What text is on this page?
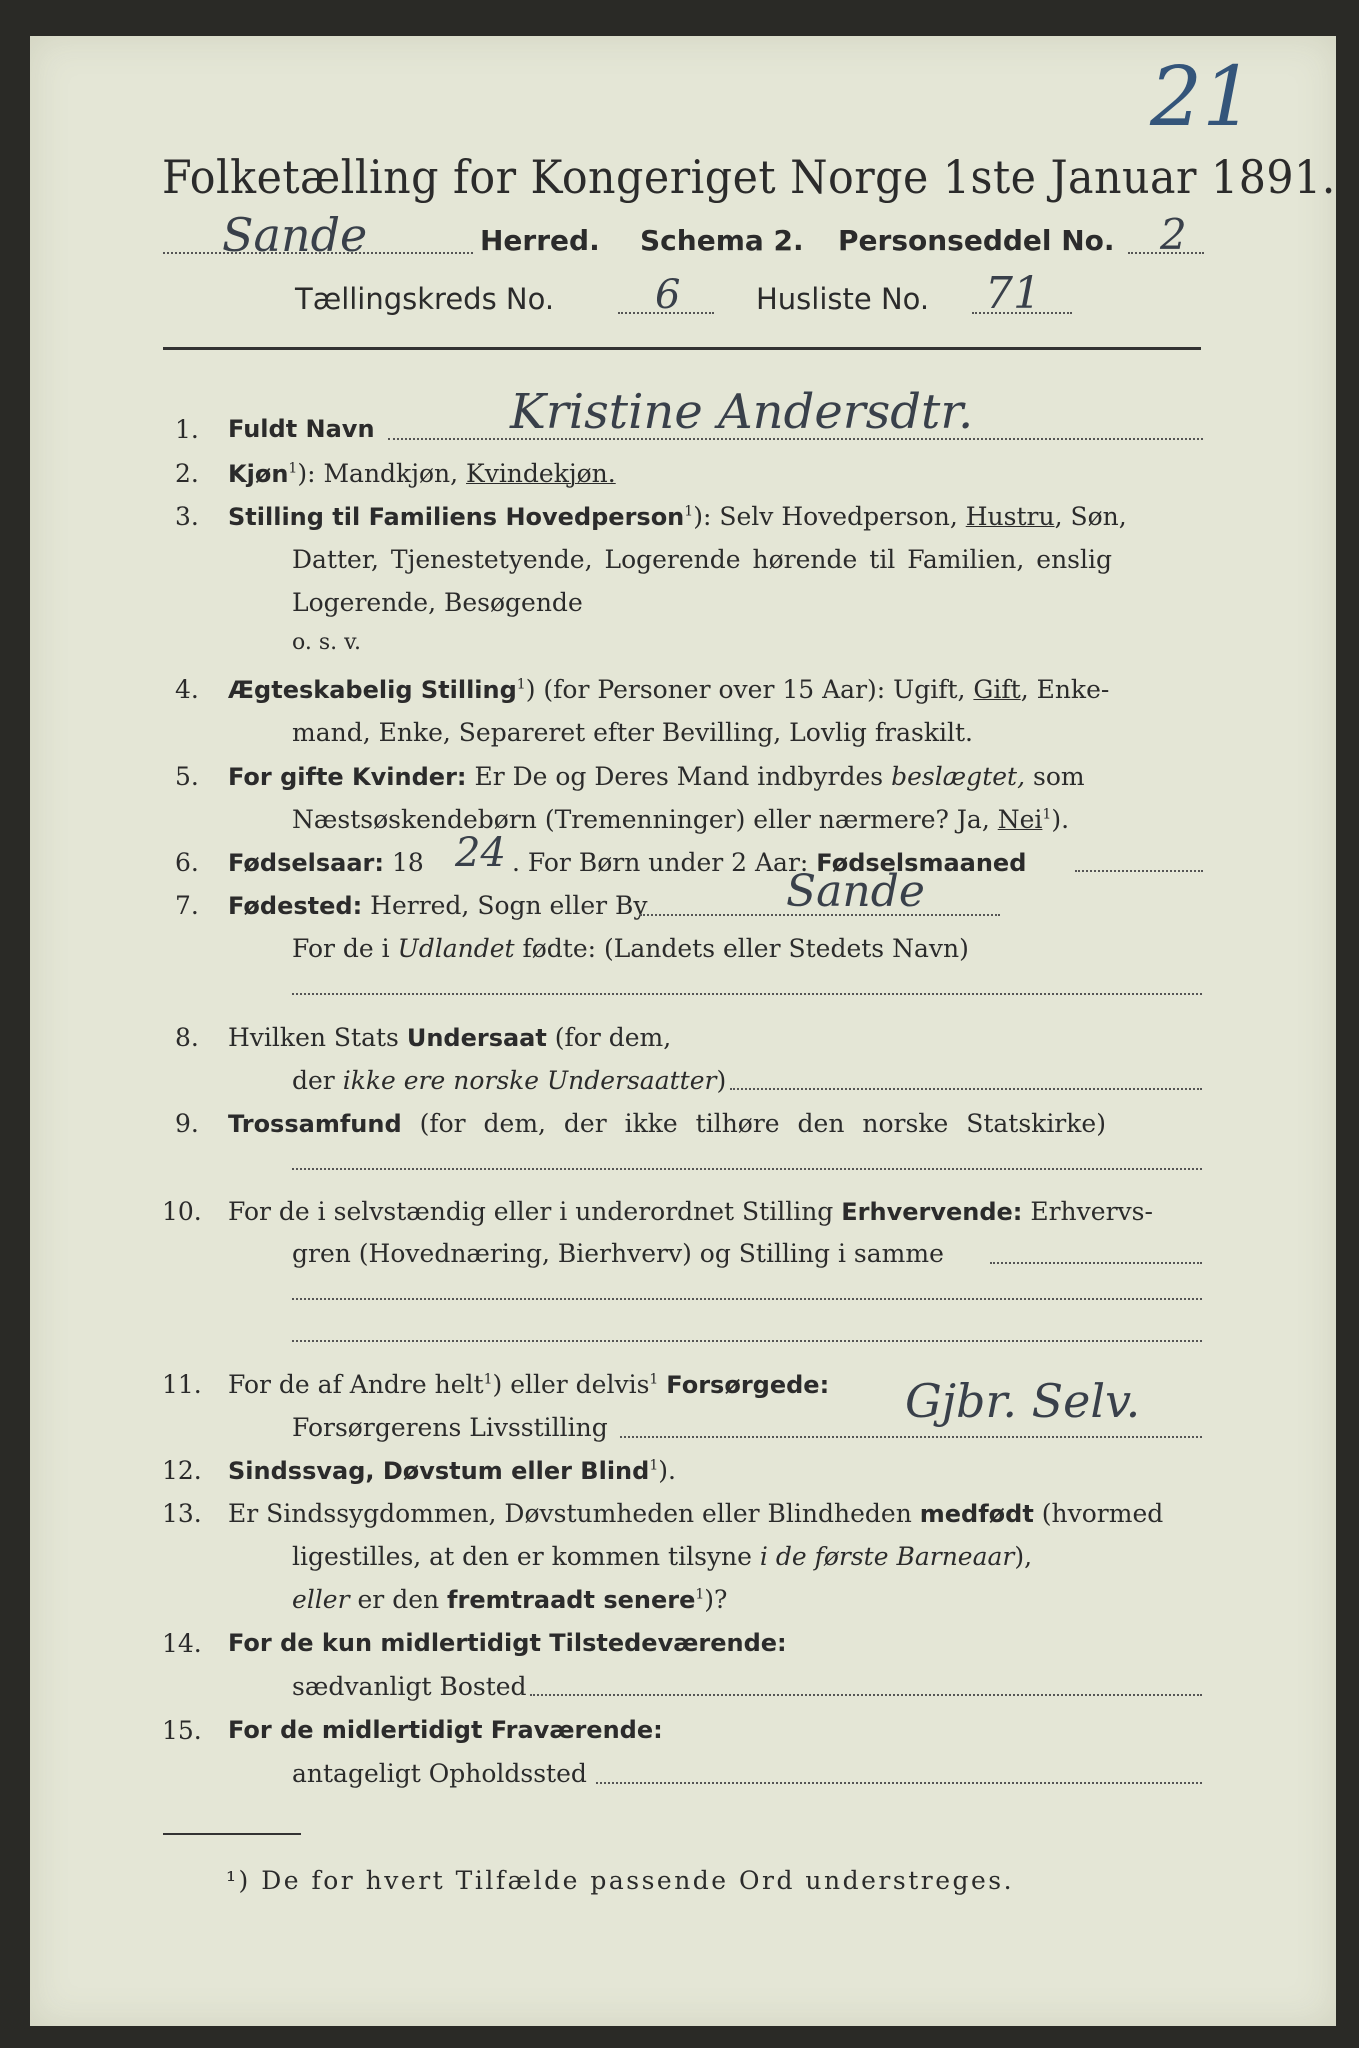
21
Folketælling for Kongeriget Norge 1ste Januar 1891.
Sande	Herred. Schema 2. Personseddel No. 2
Tællingskreds No.	6	Husliste No. 71
1. Fuldt Navn	Kristine Andersdtr.
2. Kjøn$^1$): Mandkjøn, Kvindekjøn.
3. Stilling til Familiens Hovedperson$^1$): Selv Hovedperson, Hustru, Søn,
Datter, Tjenestetyende, Logerende hørende til Familien, enslig
Logerende, Besøgende
o. s. v.
4. Ægteskabelig Stilling$^1$) (for Personer over 15 Aar): Ugift, Gift, Enke-
mand, Enke, Separeret efter Bevilling, Lovlig fraskilt.
5. For gifte Kvinder: Er De og Deres Mand indbyrdes beslægtet, som
Næstsøskendebørn (Tremenninger) eller nærmere? Ja, Nei$^1$).
6. Fødselsaar: 18 24 . For Børn under 2 Aar: Fødselsmaaned
7. Fødested: Herred, Sogn eller By	Sande
For de i Udlandet fødte: (Landets eller Stedets Navn)
8. Hvilken Stats Undersaat (for dem,
der ikke ere norske Undersaatter)
9. Trossamfund (for dem, der ikke tilhøre den norske Statskirke)
10. For de i selvstændig eller i underordnet Stilling Erhvervende: Erhvervs-
gren (Hovednæring, Bierhverv) og Stilling i samme
11. For de af Andre helt$^1$) eller delvis$^1$ Forsørgede:
Forsørgerens Livsstilling	Gjbr. Selv.
12. Sindssvag, Døvstum eller Blind$^1$).
13. Er Sindssygdommen, Døvstumheden eller Blindheden medfødt (hvormed
ligestilles, at den er kommen tilsyne i de første Barneaar),
eller er den fremtraadt senere$^1$)?
14. For de kun midlertidigt Tilstedeværende:
sædvanligt Bosted
15. For de midlertidigt Fraværende:
antageligt Opholdssted
¹) De for hvert Tilfælde passende Ord understreges.
